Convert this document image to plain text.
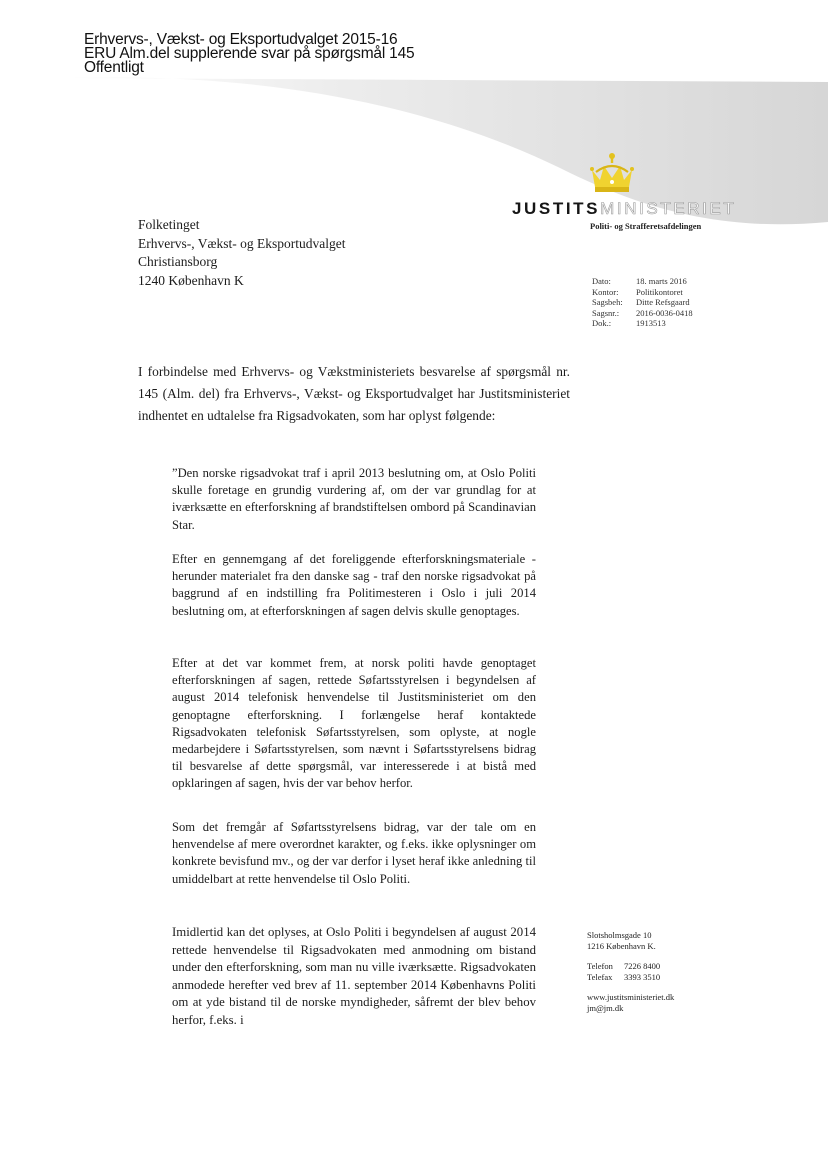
Erhvervs-, Vækst- og Eksportudvalget 2015-16
ERU Alm.del supplerende svar på spørgsmål 145
Offentligt
JUSTITSMINISTERIET
Politi- og Strafferetsafdelingen
Folketinget
Erhvervs-, Vækst- og Eksportudvalget
Christiansborg
1240 København K	Dato:	18. marts 2016
Kontor:	Politikontoret
Sagsbeh:	Ditte Refsgaard
Sagsnr.:	2016-0036-0418
Dok.:	1913513
I forbindelse med Erhvervs- og Vækstministeriets besvarelse af spørgsmål nr. 145 (Alm. del) fra Erhvervs-, Vækst- og Eksportudvalget har Justitsministeriet indhentet en udtalelse fra Rigsadvokaten, som har oplyst følgende:
”Den norske rigsadvokat traf i april 2013 beslutning om, at Oslo Politi skulle foretage en grundig vurdering af, om der var grundlag for at iværksætte en efterforskning af brandstiftelsen ombord på Scandinavian Star.
Efter en gennemgang af det foreliggende efterforskningsmateriale - herunder materialet fra den danske sag - traf den norske rigsadvokat på baggrund af en indstilling fra Politimesteren i Oslo i juli 2014 beslutning om, at efterforskningen af sagen delvis skulle genoptages.
Efter at det var kommet frem, at norsk politi havde genoptaget efterforskningen af sagen, rettede Søfartsstyrelsen i begyndelsen af august 2014 telefonisk henvendelse til Justitsministeriet om den genoptagne efterforskning. I forlængelse heraf kontaktede Rigsadvokaten telefonisk Søfartsstyrelsen, som oplyste, at nogle medarbejdere i Søfartsstyrelsen, som nævnt i Søfartsstyrelsens bidrag til besvarelse af dette spørgsmål, var interesserede i at bistå med opklaringen af sagen, hvis der var behov herfor.
Som det fremgår af Søfartsstyrelsens bidrag, var der tale om en henvendelse af mere overordnet karakter, og f.eks. ikke oplysninger om konkrete bevisfund mv., og der var derfor i lyset heraf ikke anledning til umiddelbart at rette henvendelse til Oslo Politi.
Imidlertid kan det oplyses, at Oslo Politi i begyndelsen af august 2014 rettede henvendelse til Rigsadvokaten med anmodning om bistand under den efterforskning, som man nu ville iværksætte. Rigsadvokaten anmodede herefter ved brev af 11. september 2014 Københavns Politi om at yde bistand til de norske myndigheder, såfremt der blev behov herfor, f.eks. i
Slotsholmsgade 10
1216 København K.
Telefon	7226 8400
Telefax	3393 3510
www.justitsministeriet.dk
jm@jm.dk
